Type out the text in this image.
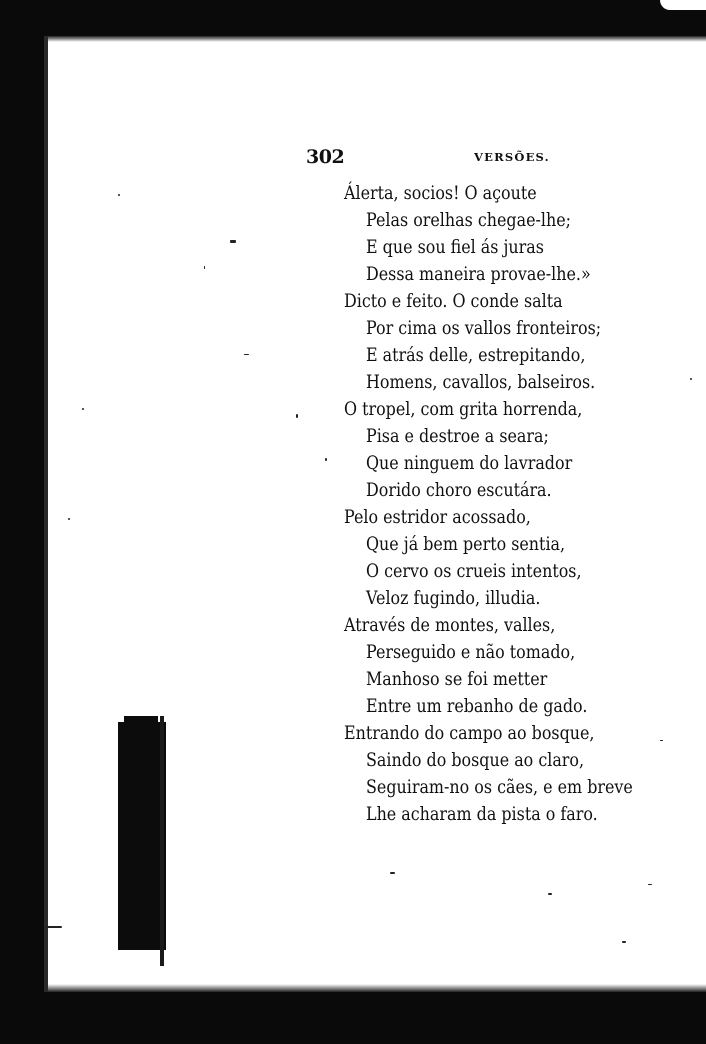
302	VERSÕES.
Álerta, socios! O açoute
Pelas orelhas chegae-lhe;
E que sou fiel ás juras
Dessa maneira provae-lhe.»
Dicto e feito. O conde salta
Por cima os vallos fronteiros;
E atrás delle, estrepitando,
Homens, cavallos, balseiros.
O tropel, com grita horrenda,
Pisa e destroe a seara;
Que ninguem do lavrador
Dorido choro escutára.
Pelo estridor acossado,
Que já bem perto sentia,
O cervo os crueis intentos,
Veloz fugindo, illudia.
Através de montes, valles,
Perseguido e não tomado,
Manhoso se foi metter
Entre um rebanho de gado.
Entrando do campo ao bosque,
Saindo do bosque ao claro,
Seguiram-no os cães, e em breve
Lhe acharam da pista o faro.
